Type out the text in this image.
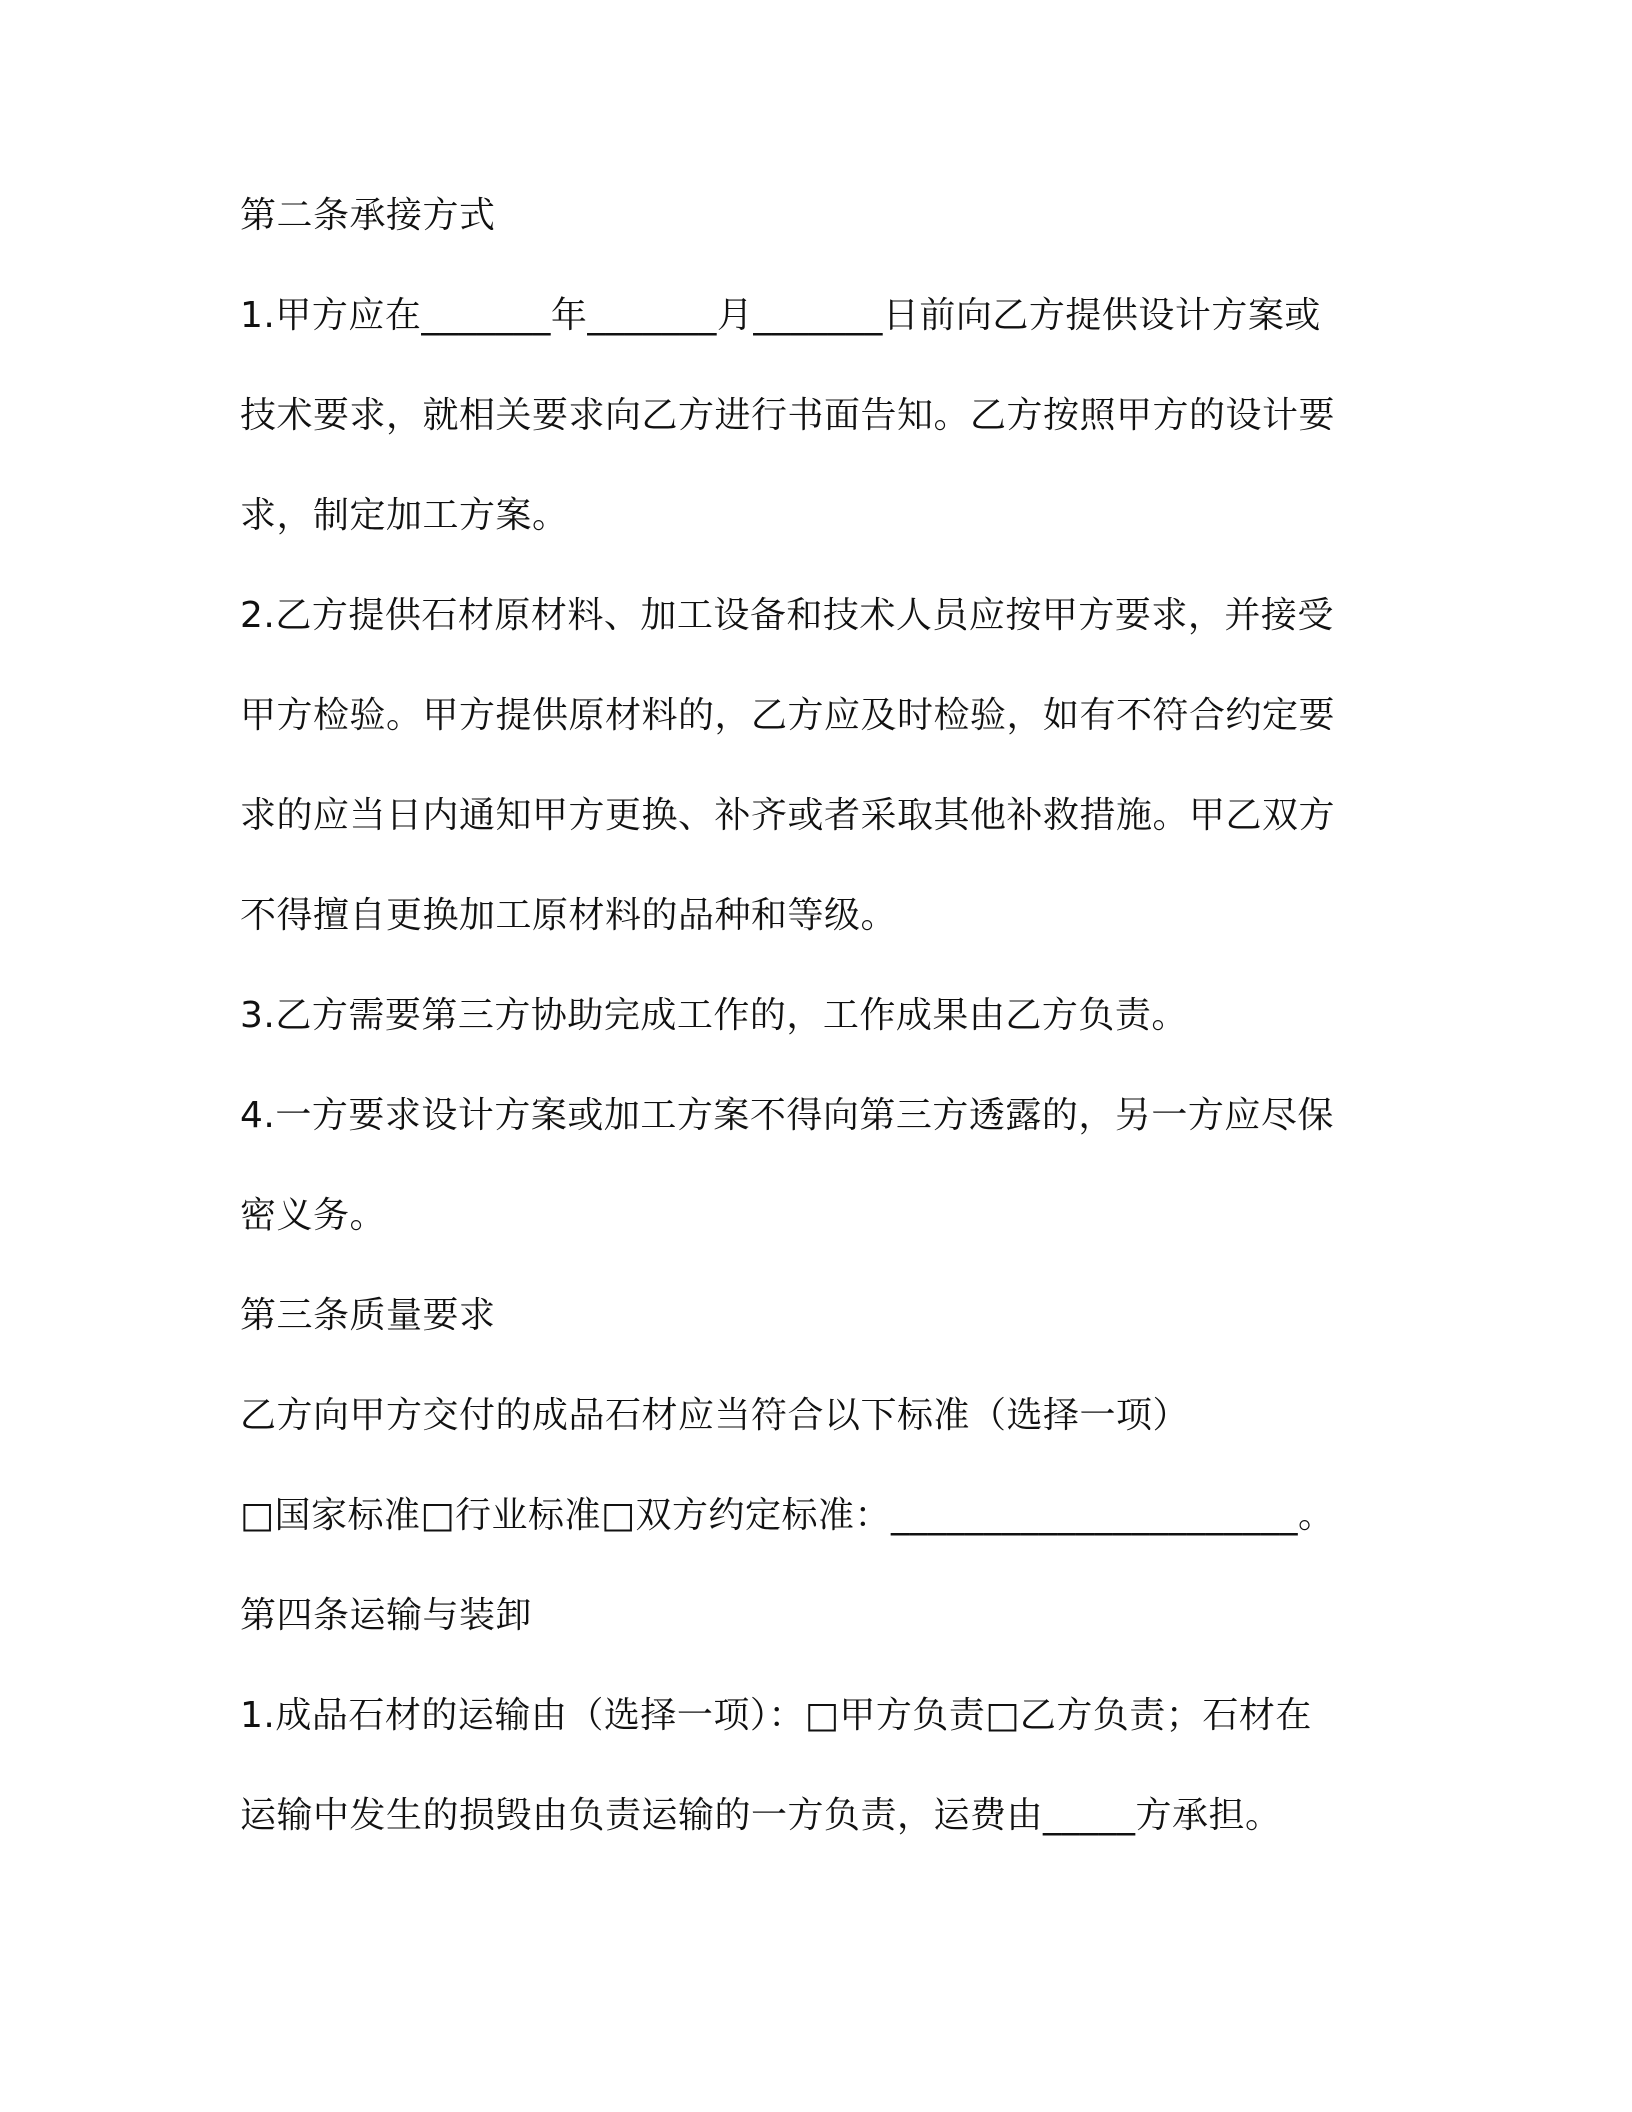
第二条承接方式
1.甲方应在_______年_______月_______日前向乙方提供设计方案或
技术要求，就相关要求向乙方进行书面告知。乙方按照甲方的设计要
求，制定加工方案。
2.乙方提供石材原材料、加工设备和技术人员应按甲方要求，并接受
甲方检验。甲方提供原材料的，乙方应及时检验，如有不符合约定要
求的应当日内通知甲方更换、补齐或者采取其他补救措施。甲乙双方
不得擅自更换加工原材料的品种和等级。
3.乙方需要第三方协助完成工作的，工作成果由乙方负责。
4.一方要求设计方案或加工方案不得向第三方透露的，另一方应尽保
密义务。
第三条质量要求
乙方向甲方交付的成品石材应当符合以下标准（选择一项）
□国家标准□行业标准□双方约定标准：______________________。
第四条运输与装卸
1.成品石材的运输由（选择一项）：□甲方负责□乙方负责；石材在
运输中发生的损毁由负责运输的一方负责，运费由_____方承担。
